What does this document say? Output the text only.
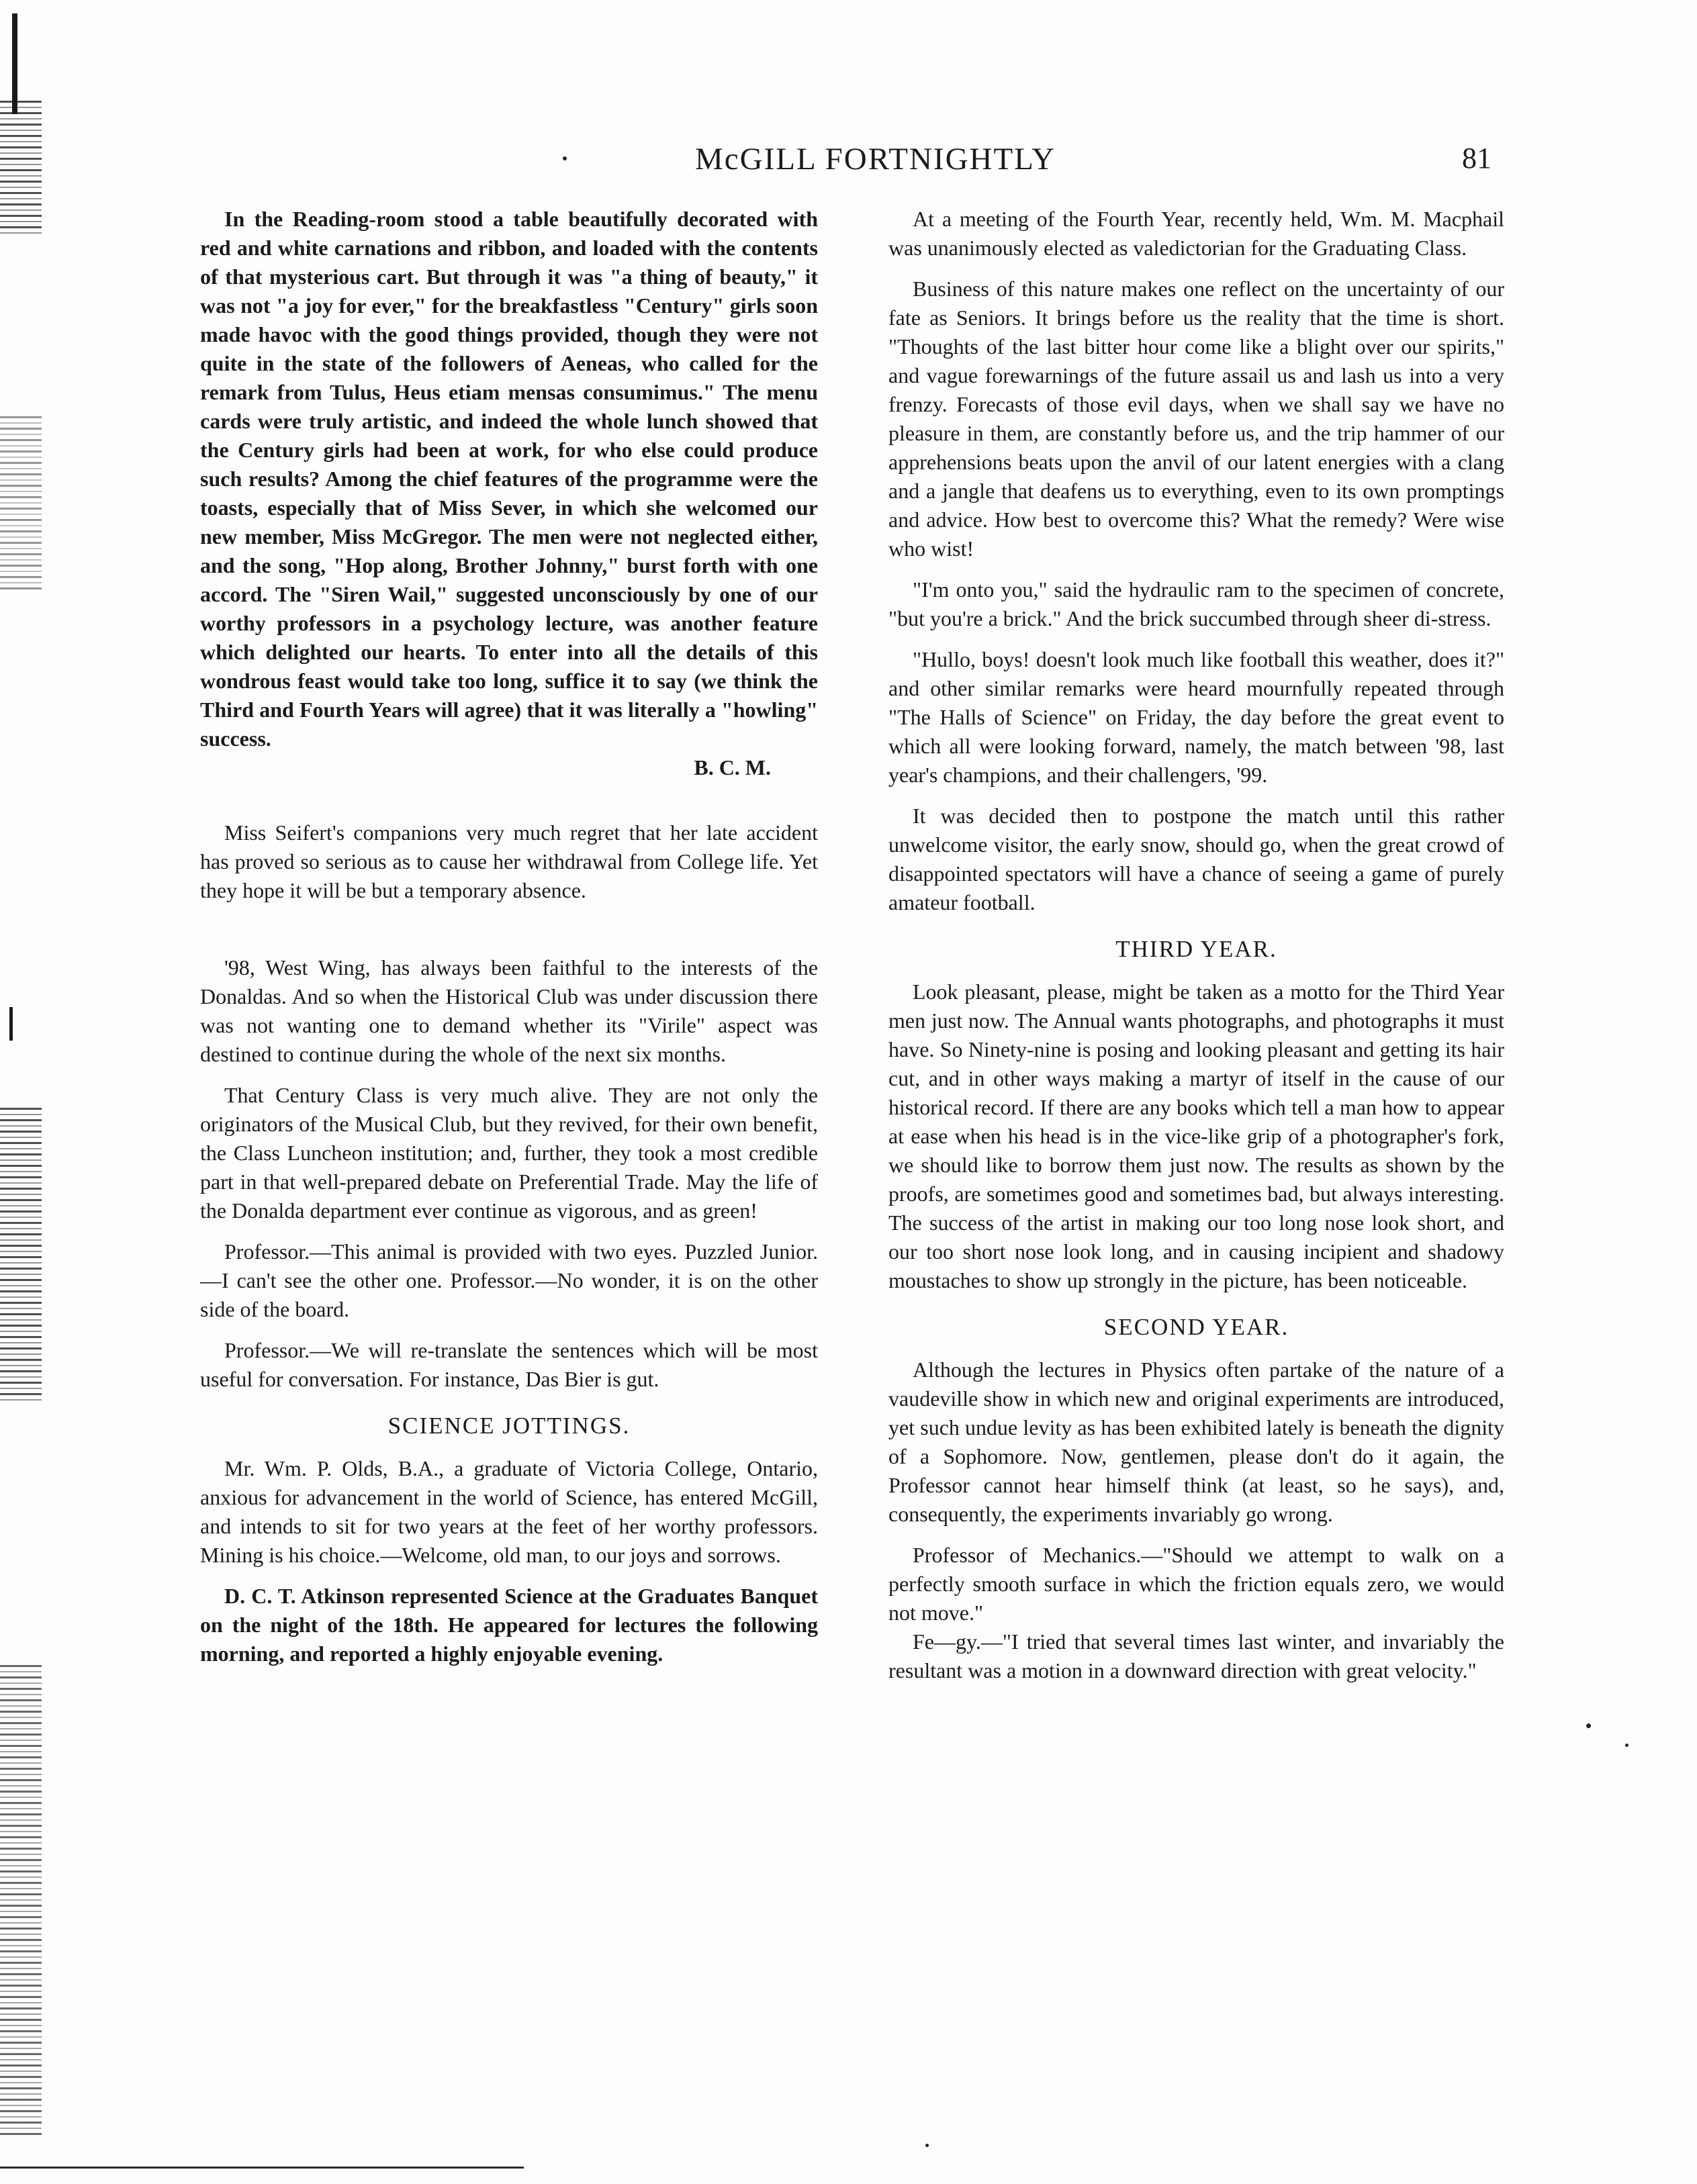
McGILL FORTNIGHTLY	81

In the Reading-room stood a table beautifully decorated with red and white carnations and ribbon, and loaded with the contents of that mysterious cart. But through it was "a thing of beauty," it was not "a joy for ever," for the breakfastless "Century" girls soon made havoc with the good things provided, though they were not quite in the state of the followers of Aeneas, who called for the remark from Tulus, Heus etiam mensas consumimus." The menu cards were truly artistic, and indeed the whole lunch showed that the Century girls had been at work, for who else could produce such results? Among the chief features of the programme were the toasts, especially that of Miss Sever, in which she welcomed our new member, Miss McGregor. The men were not neglected either, and the song, "Hop along, Brother Johnny," burst forth with one accord. The "Siren Wail," suggested unconsciously by one of our worthy professors in a psychology lecture, was another feature which delighted our hearts. To enter into all the details of this wondrous feast would take too long, suffice it to say (we think the Third and Fourth Years will agree) that it was literally a "howling" success.
B. C. M.

Miss Seifert's companions very much regret that her late accident has proved so serious as to cause her withdrawal from College life. Yet they hope it will be but a temporary absence.

'98, West Wing, has always been faithful to the interests of the Donaldas. And so when the Historical Club was under discussion there was not wanting one to demand whether its "Virile" aspect was destined to continue during the whole of the next six months.

That Century Class is very much alive. They are not only the originators of the Musical Club, but they revived, for their own benefit, the Class Luncheon institution; and, further, they took a most credible part in that well-prepared debate on Preferential Trade. May the life of the Donalda department ever continue as vigorous, and as green!

Professor.—This animal is provided with two eyes. Puzzled Junior.—I can't see the other one. Professor.—No wonder, it is on the other side of the board.

Professor.—We will re-translate the sentences which will be most useful for conversation. For instance, Das Bier is gut.

SCIENCE JOTTINGS.

Mr. Wm. P. Olds, B.A., a graduate of Victoria College, Ontario, anxious for advancement in the world of Science, has entered McGill, and intends to sit for two years at the feet of her worthy professors. Mining is his choice.—Welcome, old man, to our joys and sorrows.

D. C. T. Atkinson represented Science at the Graduates Banquet on the night of the 18th. He appeared for lectures the following morning, and reported a highly enjoyable evening.

At a meeting of the Fourth Year, recently held, Wm. M. Macphail was unanimously elected as valedictorian for the Graduating Class.

Business of this nature makes one reflect on the uncertainty of our fate as Seniors. It brings before us the reality that the time is short. "Thoughts of the last bitter hour come like a blight over our spirits," and vague forewarnings of the future assail us and lash us into a very frenzy. Forecasts of those evil days, when we shall say we have no pleasure in them, are constantly before us, and the trip hammer of our apprehensions beats upon the anvil of our latent energies with a clang and a jangle that deafens us to everything, even to its own promptings and advice. How best to overcome this? What the remedy? Were wise who wist!

"I'm onto you," said the hydraulic ram to the specimen of concrete, "but you're a brick." And the brick succumbed through sheer di-stress.

"Hullo, boys! doesn't look much like football this weather, does it?" and other similar remarks were heard mournfully repeated through "The Halls of Science" on Friday, the day before the great event to which all were looking forward, namely, the match between '98, last year's champions, and their challengers, '99.

It was decided then to postpone the match until this rather unwelcome visitor, the early snow, should go, when the great crowd of disappointed spectators will have a chance of seeing a game of purely amateur football.

THIRD YEAR.

Look pleasant, please, might be taken as a motto for the Third Year men just now. The Annual wants photographs, and photographs it must have. So Ninety-nine is posing and looking pleasant and getting its hair cut, and in other ways making a martyr of itself in the cause of our historical record. If there are any books which tell a man how to appear at ease when his head is in the vice-like grip of a photographer's fork, we should like to borrow them just now. The results as shown by the proofs, are sometimes good and sometimes bad, but always interesting. The success of the artist in making our too long nose look short, and our too short nose look long, and in causing incipient and shadowy moustaches to show up strongly in the picture, has been noticeable.

SECOND YEAR.

Although the lectures in Physics often partake of the nature of a vaudeville show in which new and original experiments are introduced, yet such undue levity as has been exhibited lately is beneath the dignity of a Sophomore. Now, gentlemen, please don't do it again, the Professor cannot hear himself think (at least, so he says), and, consequently, the experiments invariably go wrong.

Professor of Mechanics.—"Should we attempt to walk on a perfectly smooth surface in which the friction equals zero, we would not move."

Fe—gy.—"I tried that several times last winter, and invariably the resultant was a motion in a downward direction with great velocity."
